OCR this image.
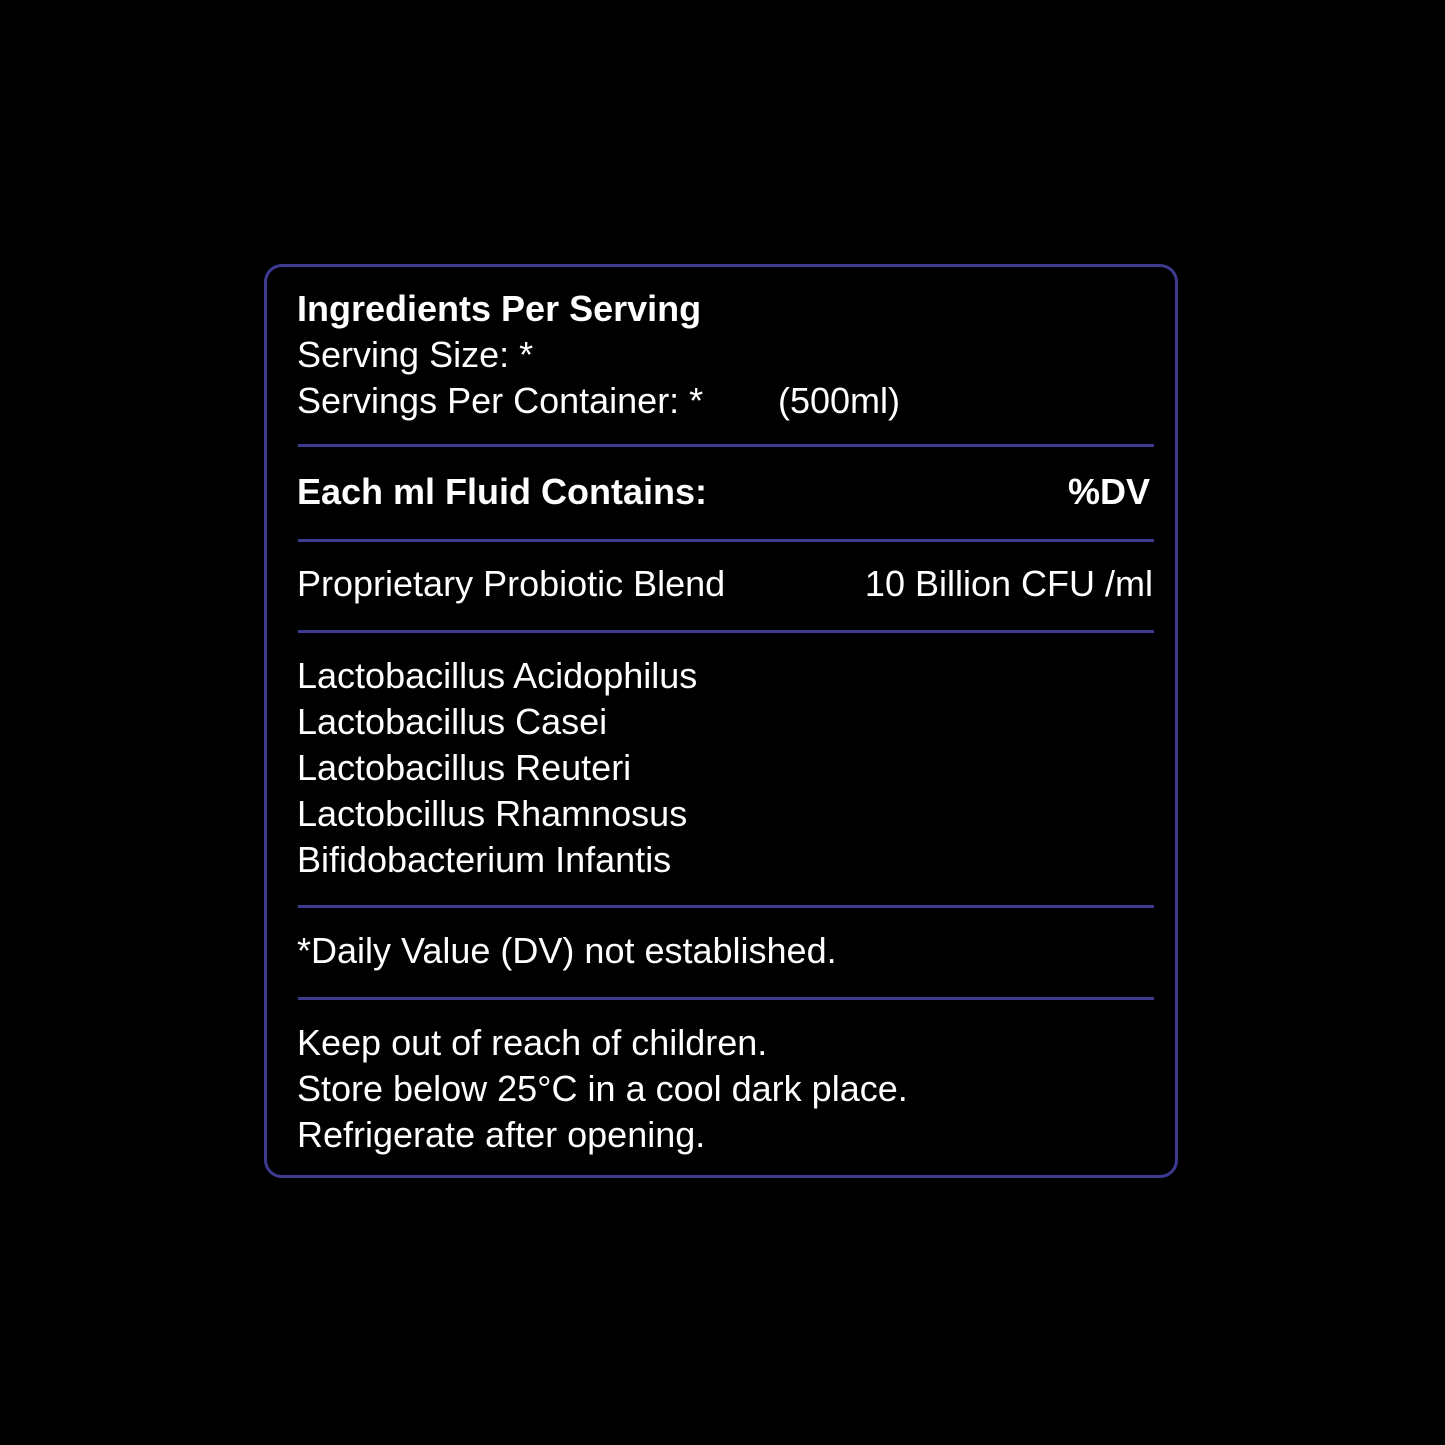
Ingredients Per Serving
Serving Size: *
Servings Per Container: * (500ml)
Each ml Fluid Contains:	%DV
Proprietary Probiotic Blend	10 Billion CFU /ml
Lactobacillus Acidophilus
Lactobacillus Casei
Lactobacillus Reuteri
Lactobcillus Rhamnosus
Bifidobacterium Infantis
*Daily Value (DV) not established.
Keep out of reach of children.
Store below 25°C in a cool dark place.
Refrigerate after opening.
